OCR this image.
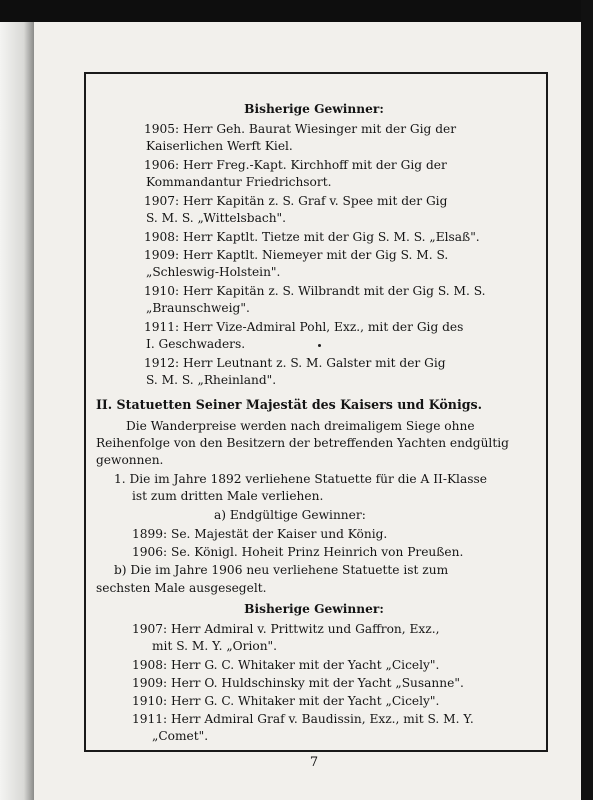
Bisherige Gewinner:
1905: Herr Geh. Baurat Wiesinger mit der Gig der
Kaiserlichen Werft Kiel.
1906: Herr Freg.-Kapt. Kirchhoff mit der Gig der
Kommandantur Friedrichsort.
1907: Herr Kapitän z. S. Graf v. Spee mit der Gig
S. M. S. „Wittelsbach".
1908: Herr Kaptlt. Tietze mit der Gig S. M. S. „Elsaß".
1909: Herr Kaptlt. Niemeyer mit der Gig S. M. S.
„Schleswig-Holstein".
1910: Herr Kapitän z. S. Wilbrandt mit der Gig S. M. S.
„Braunschweig".
1911: Herr Vize-Admiral Pohl, Exz., mit der Gig des
I. Geschwaders.
1912: Herr Leutnant z. S. M. Galster mit der Gig
S. M. S. „Rheinland".
II. Statuetten Seiner Majestät des Kaisers und Königs.
Die Wanderpreise werden nach dreimaligem Siege ohne
Reihenfolge von den Besitzern der betreffenden Yachten endgültig
gewonnen.
1. Die im Jahre 1892 verliehene Statuette für die A II-Klasse
ist zum dritten Male verliehen.
a) Endgültige Gewinner:
1899: Se. Majestät der Kaiser und König.
1906: Se. Königl. Hoheit Prinz Heinrich von Preußen.
b) Die im Jahre 1906 neu verliehene Statuette ist zum
sechsten Male ausgesegelt.
Bisherige Gewinner:
1907: Herr Admiral v. Prittwitz und Gaffron, Exz.,
mit S. M. Y. „Orion".
1908: Herr G. C. Whitaker mit der Yacht „Cicely".
1909: Herr O. Huldschinsky mit der Yacht „Susanne".
1910: Herr G. C. Whitaker mit der Yacht „Cicely".
1911: Herr Admiral Graf v. Baudissin, Exz., mit S. M. Y.
„Comet".
7
